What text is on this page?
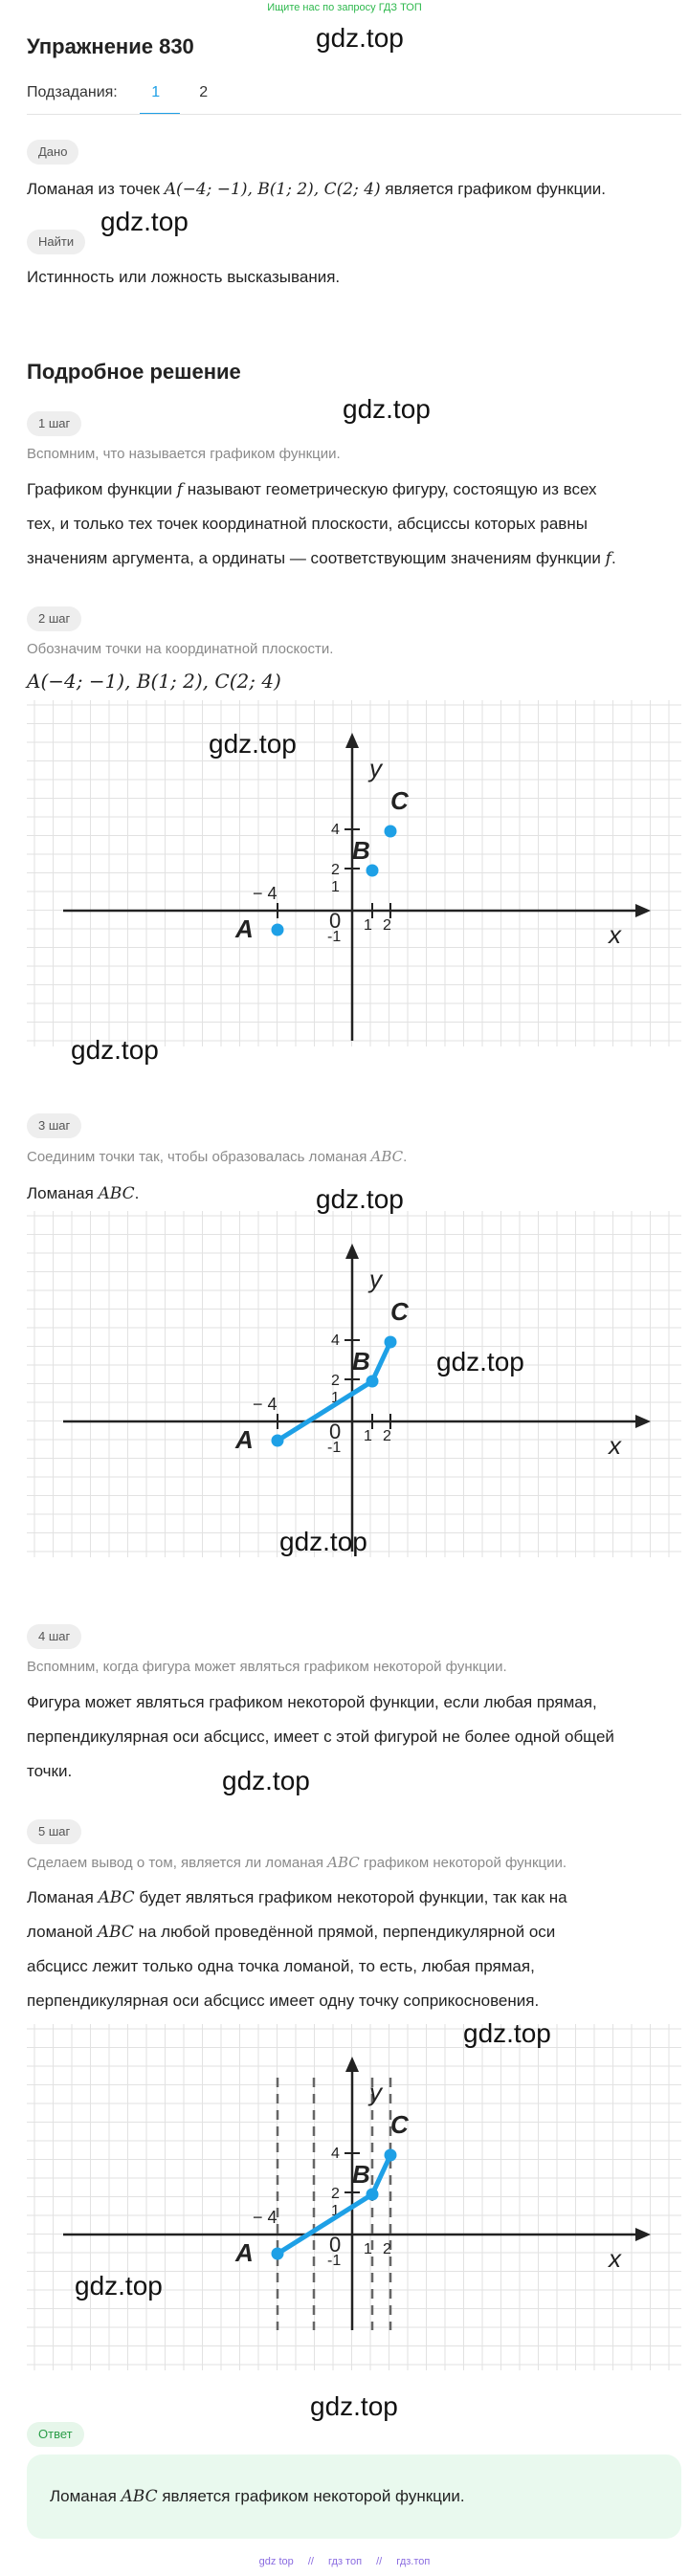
Ищите нас по запросу ГДЗ ТОП
Упражнение 830	gdz.top
Подзадания:	1	2
Дано
Ломаная из точек A(−4; −1), B(1; 2), C(2; 4) является графиком функции.
gdz.top
Найти
Истинность или ложность высказывания.
Подробное решение
gdz.top
1 шаг
Вспомним, что называется графиком функции.
Графиком функции f называют геометрическую фигуру, состоящую из всех
тех, и только тех точек координатной плоскости, абсциссы которых равны
значениям аргумента, а ординаты — соответствующим значениям функции f.
2 шаг
Обозначим точки на координатной плоскости.
A(−4; −1), B(1; 2), C(2; 4)
y
x
0
− 4
-1
1 2
1
2
4
A
B
C
gdz.top
gdz.top
3 шаг
Соединим точки так, чтобы образовалась ломаная ABC.
Ломаная ABC.	gdz.top
y
x
0
− 4
-1
1 2
1
2
4
A
B
C
gdz.top
gdz.top
4 шаг
Вспомним, когда фигура может являться графиком некоторой функции.
Фигура может являться графиком некоторой функции, если любая прямая,
перпендикулярная оси абсцисс, имеет с этой фигурой не более одной общей
точки.	gdz.top
5 шаг
Сделаем вывод о том, является ли ломаная ABC графиком некоторой функции.
Ломаная ABC будет являться графиком некоторой функции, так как на
ломаной ABC на любой проведённой прямой, перпендикулярной оси
абсцисс лежит только одна точка ломаной, то есть, любая прямая,
перпендикулярная оси абсцисс имеет одну точку соприкосновения.
y
x
0
− 4
-1
1 2
1
2
4
A
B
C
gdz.top
gdz.top
gdz.top
Ответ
Ломаная ABC является графиком некоторой функции.
gdz top // гдз топ // гдз.топ
